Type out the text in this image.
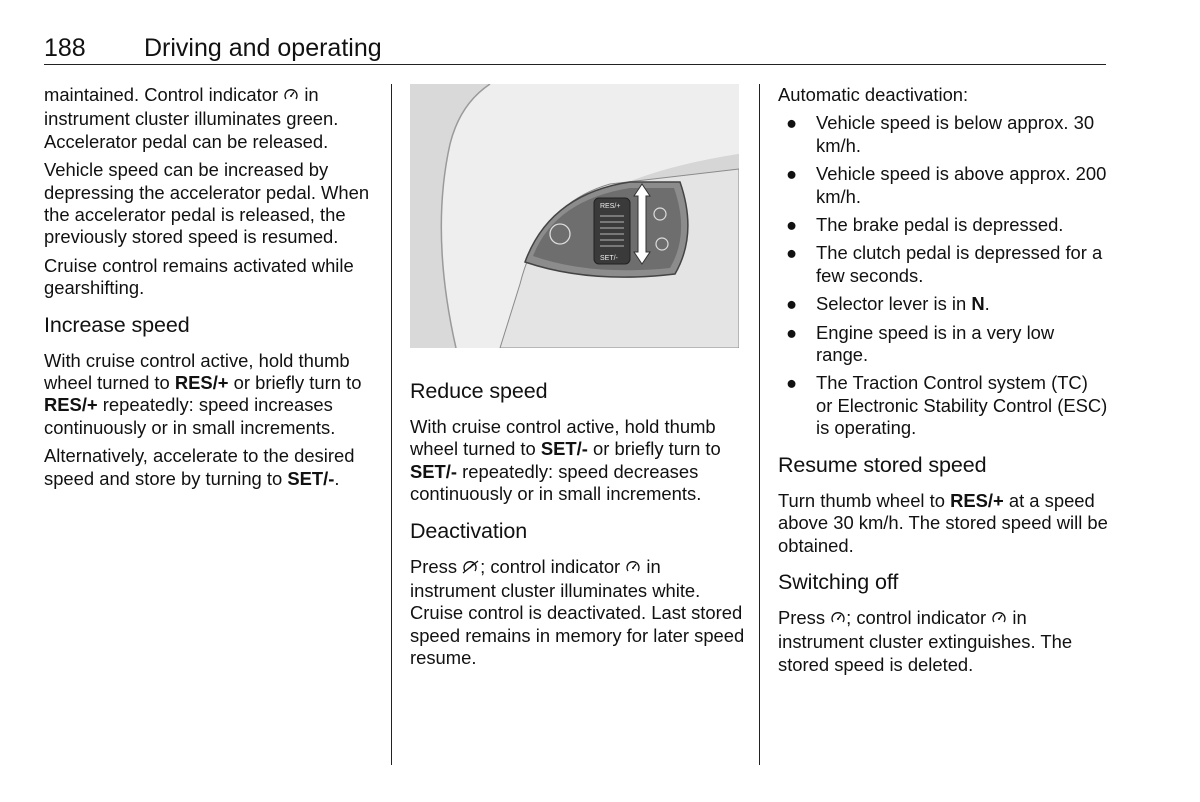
188 Driving and operating

maintained. Control indicator  in instrument cluster illuminates green. Accelerator pedal can be released.

Vehicle speed can be increased by depressing the accelerator pedal. When the accelerator pedal is released, the previously stored speed is resumed.

Cruise control remains activated while gearshifting.

Increase speed

With cruise control active, hold thumb wheel turned to RES/+ or briefly turn to RES/+ repeatedly: speed increases continuously or in small increments.

Alternatively, accelerate to the desired speed and store by turning to SET/-.

RES/+
SET/-
Reduce speed

With cruise control active, hold thumb wheel turned to SET/- or briefly turn to SET/- repeatedly: speed decreases continuously or in small increments.

Deactivation

Press ; control indicator  in instrument cluster illuminates white. Cruise control is deactivated. Last stored speed remains in memory for later speed resume.

Automatic deactivation:

● Vehicle speed is below approx. 30 km/h.
● Vehicle speed is above approx. 200 km/h.
● The brake pedal is depressed.
● The clutch pedal is depressed for a few seconds.
● Selector lever is in N.
● Engine speed is in a very low range.
● The Traction Control system (TC) or Electronic Stability Control (ESC) is operating.
Resume stored speed

Turn thumb wheel to RES/+ at a speed above 30 km/h. The stored speed will be obtained.

Switching off

Press ; control indicator  in instrument cluster extinguishes. The stored speed is deleted.
